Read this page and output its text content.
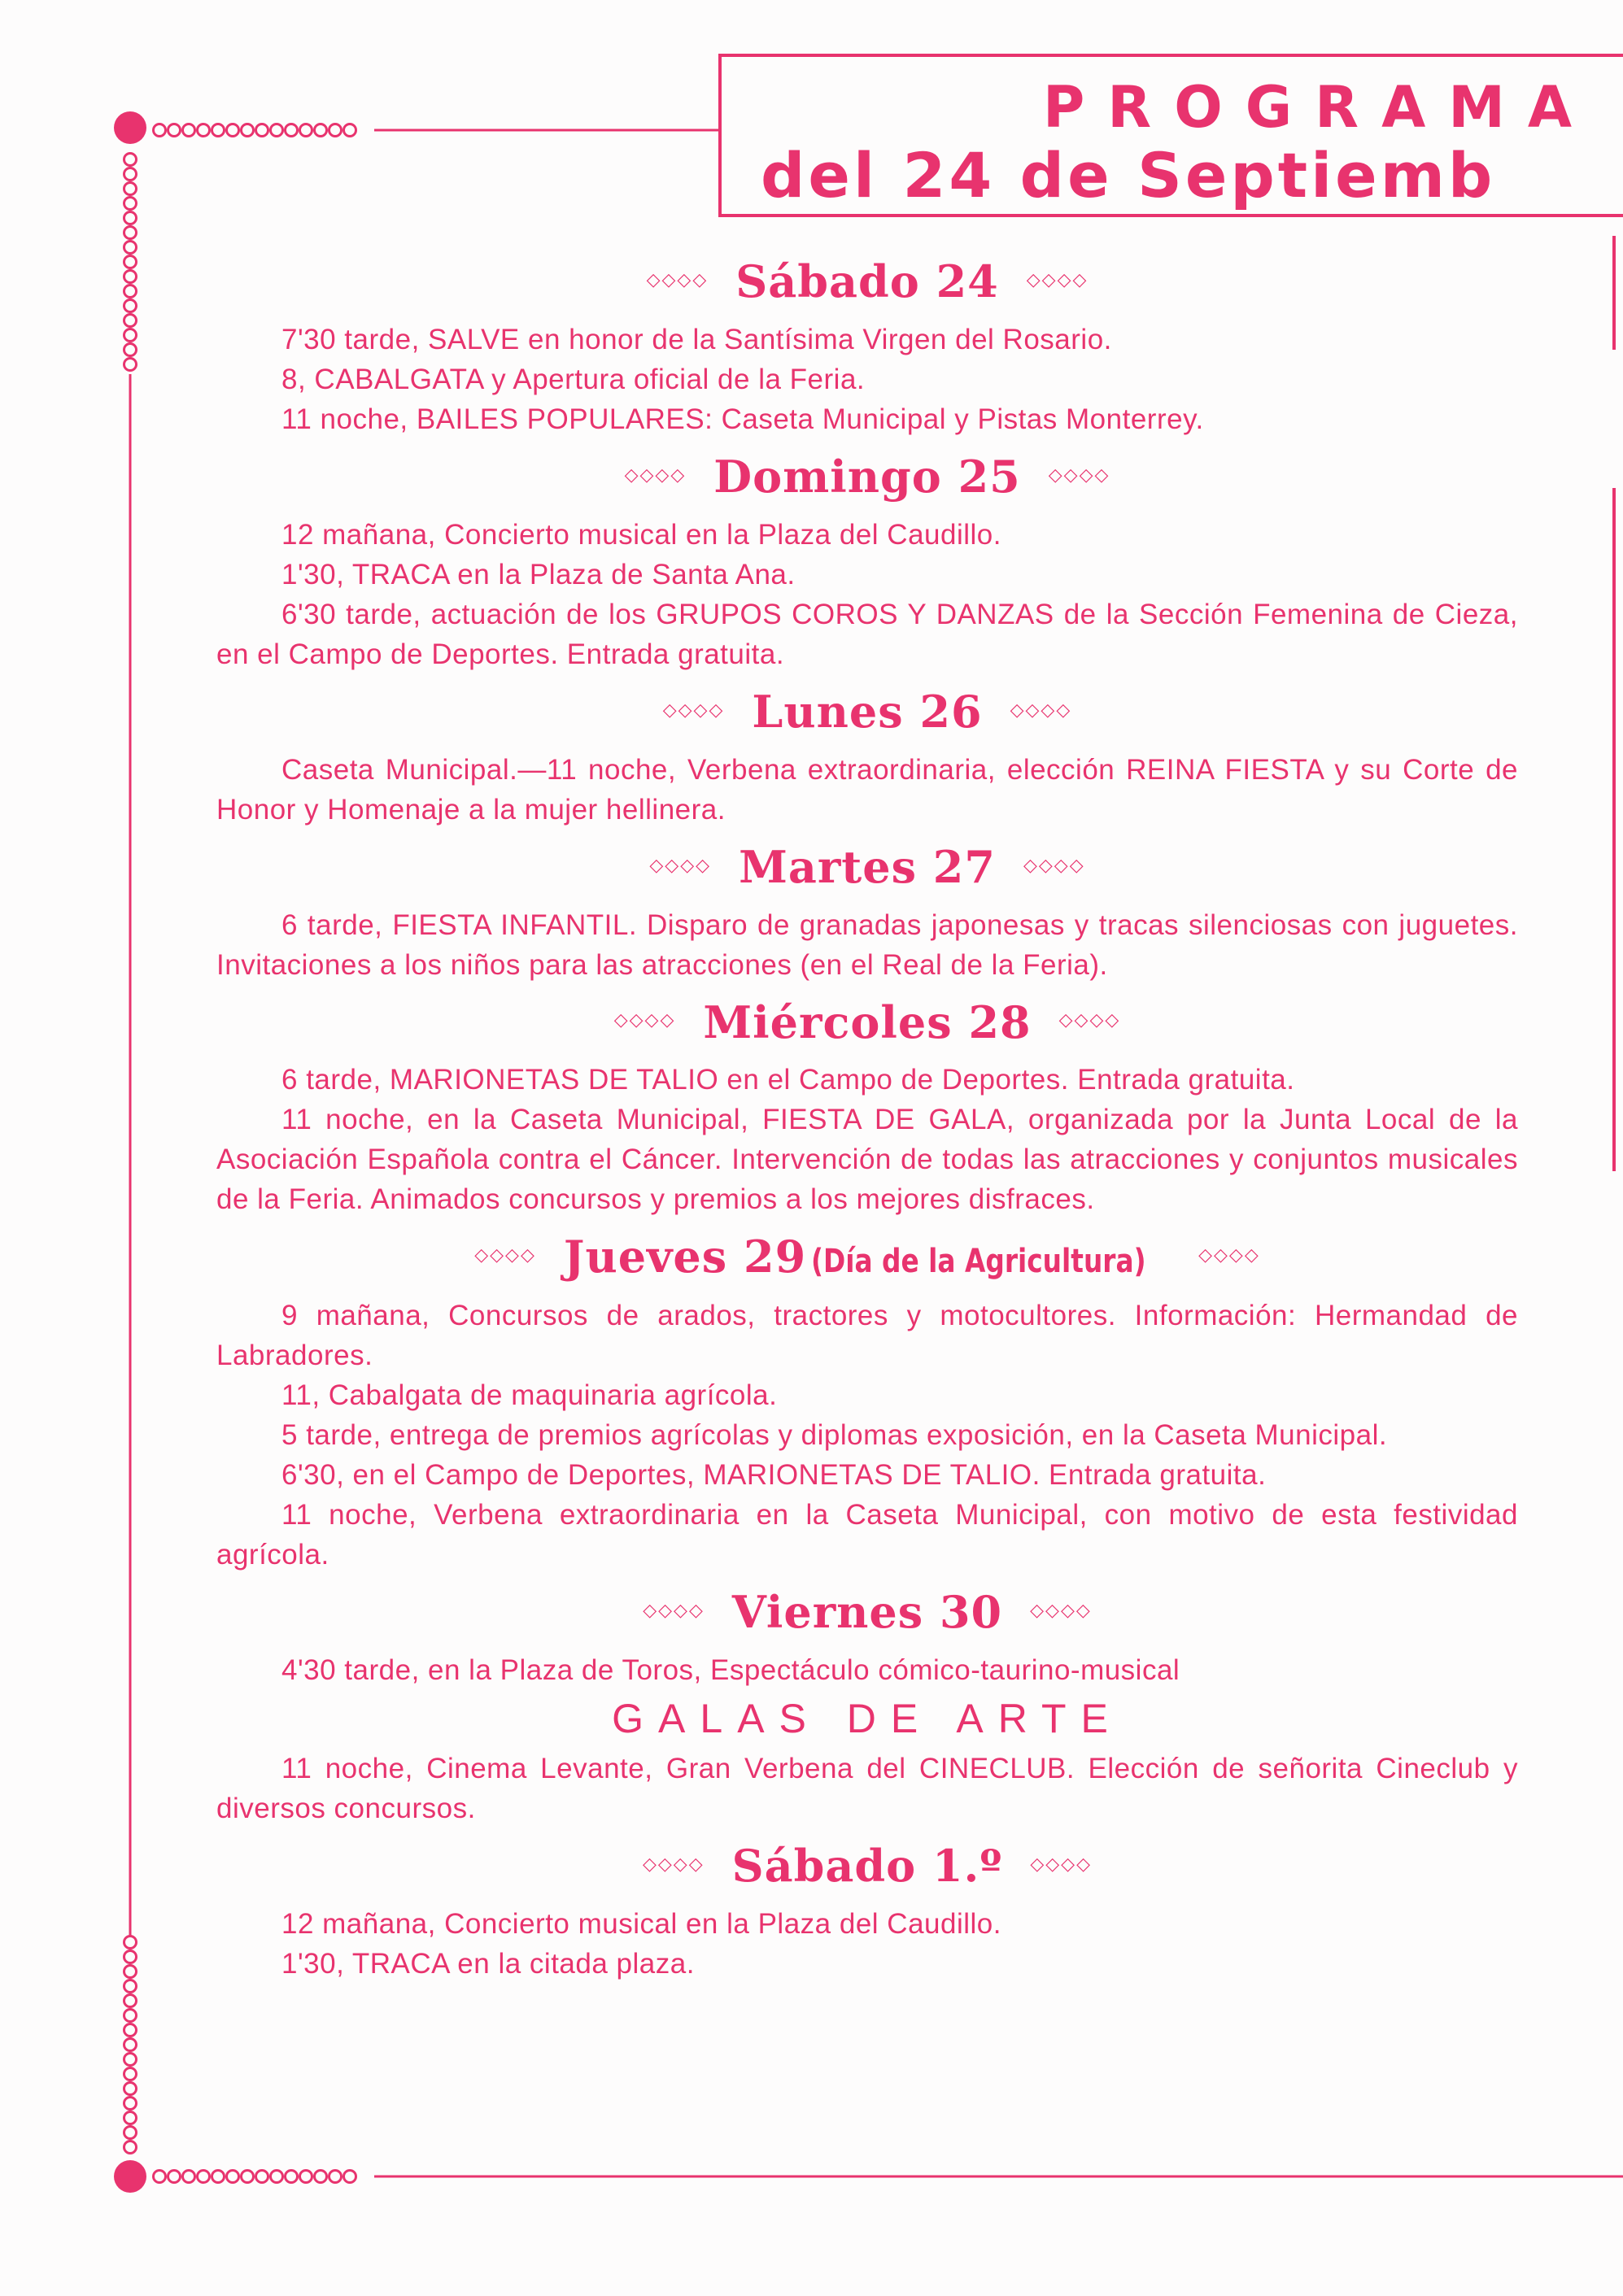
PROGRAMA
del 24 de Septiemb
◇◇◇◇ Sábado 24 ◇◇◇◇
7'30 tarde, SALVE en honor de la Santísima Virgen del Rosario.
8, CABALGATA y Apertura oficial de la Feria.
11 noche, BAILES POPULARES: Caseta Municipal y Pistas Monterrey.
◇◇◇◇ Domingo 25 ◇◇◇◇
12 mañana, Concierto musical en la Plaza del Caudillo.
1'30, TRACA en la Plaza de Santa Ana.
6'30 tarde, actuación de los GRUPOS COROS Y DANZAS de la Sección Femenina de Cieza, en el Campo de Deportes. Entrada gratuita.
◇◇◇◇ Lunes 26 ◇◇◇◇
Caseta Municipal.—11 noche, Verbena extraordinaria, elección REINA FIESTA y su Corte de Honor y Homenaje a la mujer hellinera.
◇◇◇◇ Martes 27 ◇◇◇◇
6 tarde, FIESTA INFANTIL. Disparo de granadas japonesas y tracas silenciosas con juguetes. Invitaciones a los niños para las atracciones (en el Real de la Feria).
◇◇◇◇ Miércoles 28 ◇◇◇◇
6 tarde, MARIONETAS DE TALIO en el Campo de Deportes. Entrada gratuita.
11 noche, en la Caseta Municipal, FIESTA DE GALA, organizada por la Junta Local de la Asociación Española contra el Cáncer. Intervención de todas las atracciones y conjuntos musicales de la Feria. Animados concursos y premios a los mejores disfraces.
◇◇◇◇ Jueves 29 (Día de la Agricultura)	◇◇◇◇
9 mañana, Concursos de arados, tractores y motocultores. Información: Hermandad de Labradores.
11, Cabalgata de maquinaria agrícola.
5 tarde, entrega de premios agrícolas y diplomas exposición, en la Caseta Municipal.
6'30, en el Campo de Deportes, MARIONETAS DE TALIO. Entrada gratuita.
11 noche, Verbena extraordinaria en la Caseta Municipal, con motivo de esta festividad agrícola.
◇◇◇◇ Viernes 30 ◇◇◇◇
4'30 tarde, en la Plaza de Toros, Espectáculo cómico-taurino-musical
GALAS DE ARTE
11 noche, Cinema Levante, Gran Verbena del CINECLUB. Elección de señorita Cineclub y diversos concursos.
◇◇◇◇ Sábado 1.º ◇◇◇◇
12 mañana, Concierto musical en la Plaza del Caudillo.
1'30, TRACA en la citada plaza.
